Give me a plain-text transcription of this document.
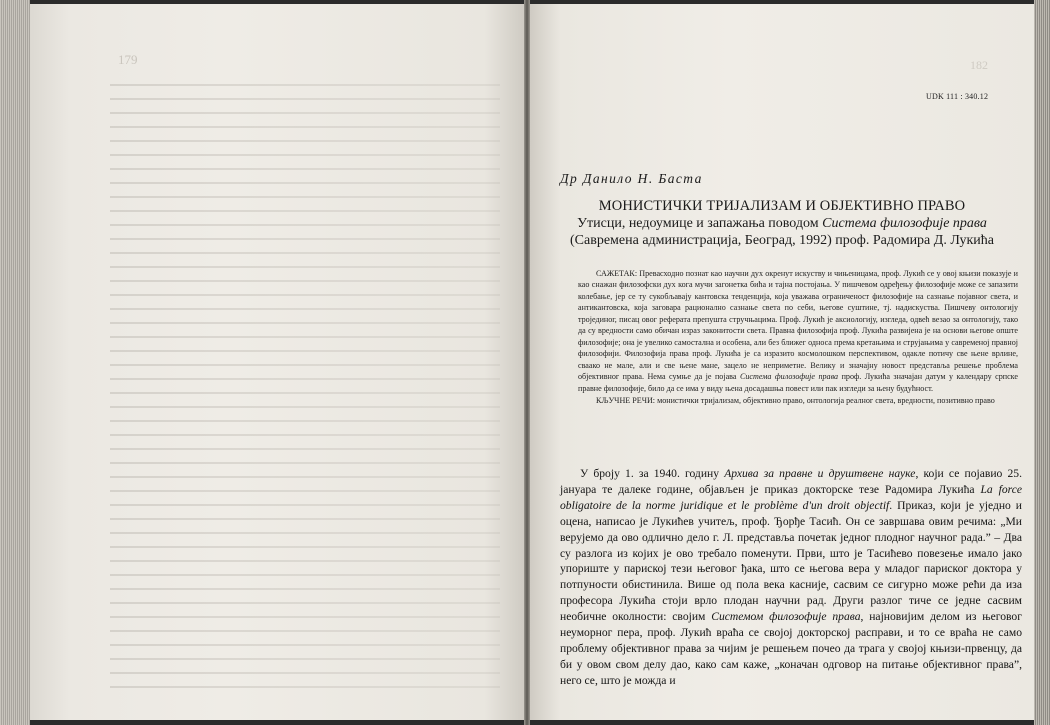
179	182
UDK 111 : 340.12
Др Данило Н. Баста
МОНИСТИЧКИ ТРИЈАЛИЗАМ И ОБЈЕКТИВНО ПРАВО
Утисци, недоумице и запажања поводом Система филозофије права (Савремена администрација, Београд, 1992) проф. Радомира Д. Лукића

САЖЕТАК: Превасходно познат као научни дух окренут искуству и чињеницама, проф. Лукић се у овој књизи показује и као снажан филозофски дух кога мучи загонетка бића и тајна постојања. У пишчевом одређењу филозофије може се запазити колебање, јер се ту сукобљавају кантовска тенденција, која уважава ограниченост филозофије на сазнање појавног света, и антикантовска, која заговара рационално сазнање света по себи, његове суштине, тј. надискуства. Пишчеву онтологију тројединог, писац овог реферата препушта стручњацима. Проф. Лукић је аксиологију, изгледа, одвећ везао за онтологију, тако да су вредности само обичан израз законитости света. Правна филозофија проф. Лукића развијена је на основи његове опште филозофије; она је увелико самостална и особена, али без ближег односа према кретањима и струјањима у савременој правној филозофији. Филозофија права проф. Лукића је са изразито космолошком перспективом, одакле потичу све њене врлине, сваако не мале, али и све њене мане, зацело не неприметне. Велику и значајну новост представља решење проблема објективног права. Нема сумње да је појава Система филозофије права проф. Лукића значајан датум у календару српске правне филозофије, било да се има у виду њена досадашња повест или пак изгледи за њену будућност.

КЉУЧНЕ РЕЧИ: монистички тријализам, објективно право, онтологија реалног света, вредности, позитивно право

У броју 1. за 1940. годину Архива за правне и друштвене науке, који се појавио 25. јануара те далеке године, објављен је приказ докторске тезе Радомира Лукића La force obligatoire de la norme juridique et le problème d'un droit objectif. Приказ, који је уједно и оцена, написао је Лукићев учитељ, проф. Ђорђе Тасић. Он се завршава овим речима: „Ми верујемо да ово одлично дело г. Л. представља почетак једног плодног научног рада.” – Два су разлога из којих је ово требало поменути. Први, што је Тасићево повезење имало јако упориште у париској тези његовог ђака, што се његова вера у младог париског доктора у потпуности обистинила. Више од пола века касније, сасвим се сигурно може рећи да иза професора Лукића стоји врло плодан научни рад. Други разлог тиче се једне сасвим необичне околности: својим Системом филозофије права, најновијим делом из његовог неуморног пера, проф. Лукић враћа се својој докторској расправи, и то се враћа не само проблему објективног права за чијим је решењем почео да трага у својој књизи-првенцу, да би у овом свом делу дао, како сам каже, „коначан одговор на питање објективног права”, него се, што је можда и
